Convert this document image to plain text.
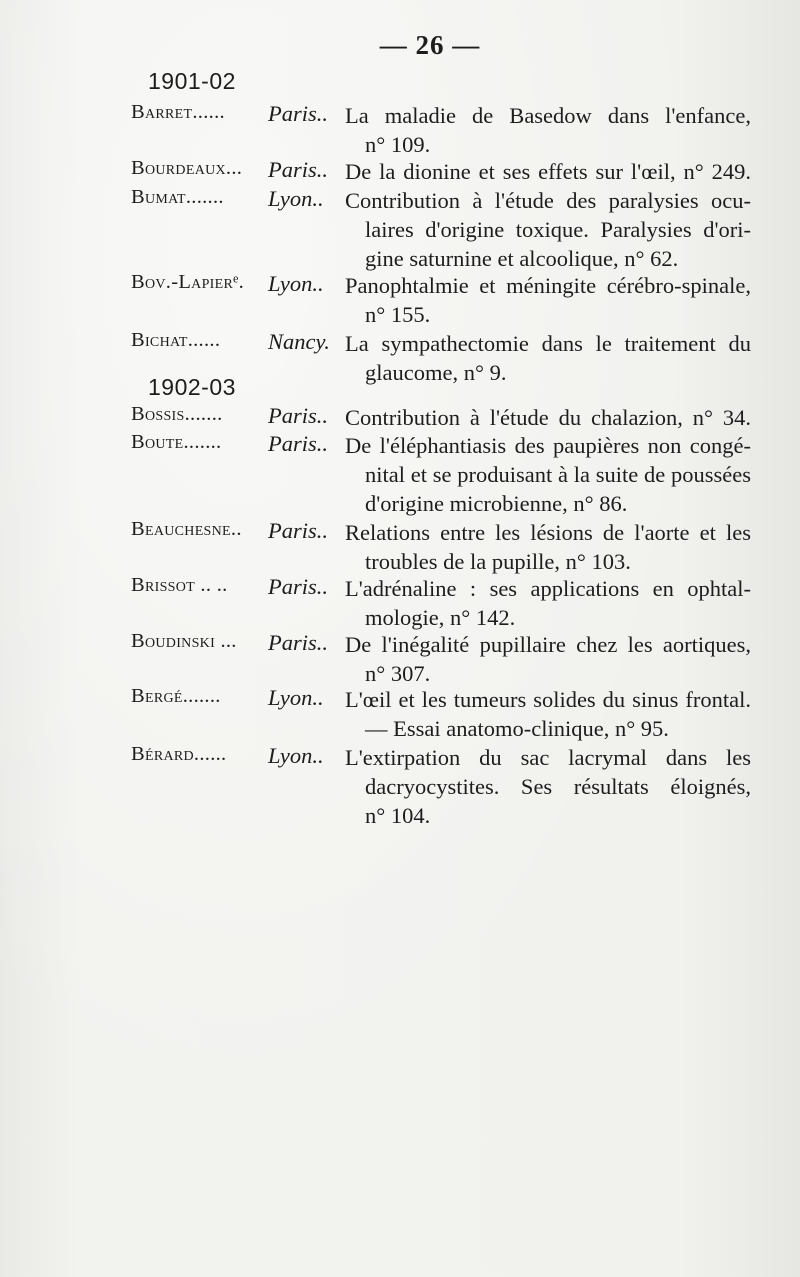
— 26 —
1901-02
Barret...... Paris.. La maladie de Basedow dans l'enfance,
n° 109.
Bourdeaux... Paris.. De la dionine et ses effets sur l'œil, n° 249.
Bumat....... Lyon.. Contribution à l'étude des paralysies ocu-
laires d'origine toxique. Paralysies d'ori-
gine saturnine et alcoolique, n° 62.
Bov.-Lapierᵉ. Lyon.. Panophtalmie et méningite cérébro-spinale,
n° 155.
Bichat...... Nancy. La sympathectomie dans le traitement du
glaucome, n° 9.
1902-03
Bossis....... Paris.. Contribution à l'étude du chalazion, n° 34.
Boute....... Paris.. De l'éléphantiasis des paupières non congé-
nital et se produisant à la suite de poussées
d'origine microbienne, n° 86.
Beauchesne.. Paris.. Relations entre les lésions de l'aorte et les
troubles de la pupille, n° 103.
Brissot .. .. Paris.. L'adrénaline : ses applications en ophtal-
mologie, n° 142.
Boudinski ... Paris.. De l'inégalité pupillaire chez les aortiques,
n° 307.
Bergé....... Lyon.. L'œil et les tumeurs solides du sinus frontal.
— Essai anatomo-clinique, n° 95.
Bérard...... Lyon.. L'extirpation du sac lacrymal dans les
dacryocystites. Ses résultats éloignés,
n° 104.
